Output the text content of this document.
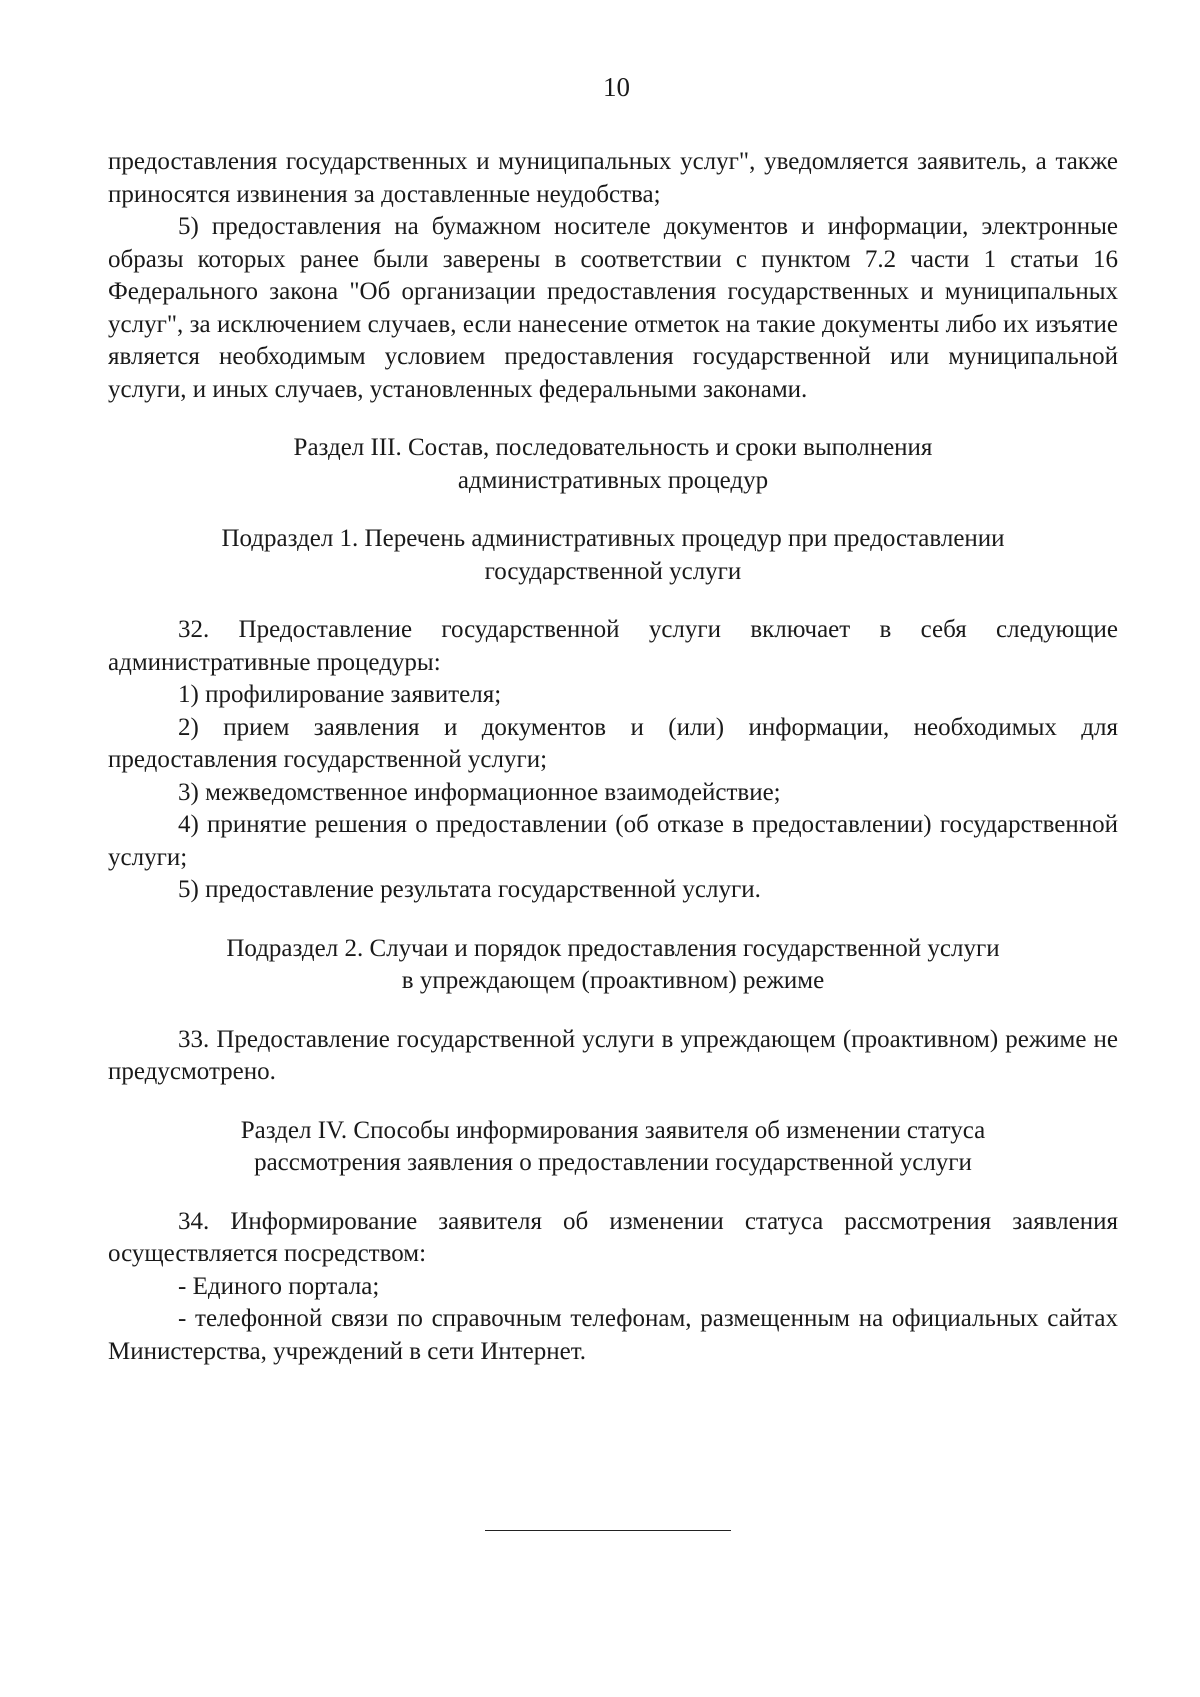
10

предоставления государственных и муниципальных услуг", уведомляется заявитель, а также приносятся извинения за доставленные неудобства;

5) предоставления на бумажном носителе документов и информации, электронные образы которых ранее были заверены в соответствии с пунктом 7.2 части 1 статьи 16 Федерального закона "Об организации предоставления государственных и муниципальных услуг", за исключением случаев, если нанесение отметок на такие документы либо их изъятие является необходимым условием предоставления государственной или муниципальной услуги, и иных случаев, установленных федеральными законами.

Раздел III. Состав, последовательность и сроки выполнения
административных процедур
Подраздел 1. Перечень административных процедур при предоставлении
государственной услуги

32. Предоставление государственной услуги включает в себя следующие административные процедуры:

1) профилирование заявителя;

2) прием заявления и документов и (или) информации, необходимых для предоставления государственной услуги;

3) межведомственное информационное взаимодействие;

4) принятие решения о предоставлении (об отказе в предоставлении) государственной услуги;

5) предоставление результата государственной услуги.

Подраздел 2. Случаи и порядок предоставления государственной услуги
в упреждающем (проактивном) режиме

33. Предоставление государственной услуги в упреждающем (проактивном) режиме не предусмотрено.

Раздел IV. Способы информирования заявителя об изменении статуса
рассмотрения заявления о предоставлении государственной услуги

34. Информирование заявителя об изменении статуса рассмотрения заявления осуществляется посредством:

- Единого портала;

- телефонной связи по справочным телефонам, размещенным на официальных сайтах Министерства, учреждений в сети Интернет.
